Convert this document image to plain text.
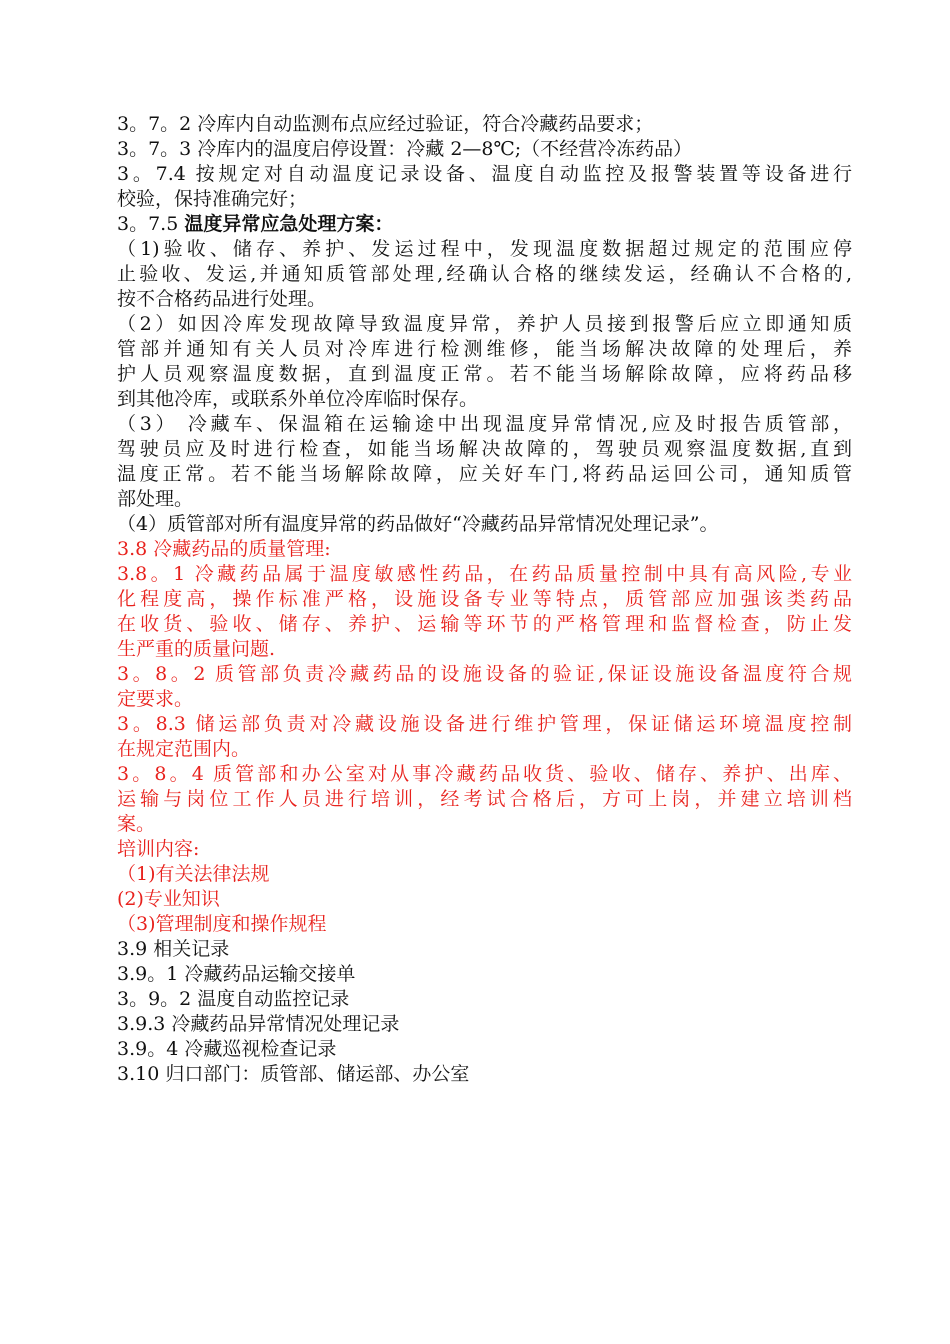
3。7。2 冷库内自动监测布点应经过验证，符合冷藏药品要求；
3。7。3 冷库内的温度启停设置：冷藏 2—8℃;（不经营冷冻药品）
3。7.4 按规定对自动温度记录设备、温度自动监控及报警装置等设备进行
校验，保持准确完好；
3。7.5 温度异常应急处理方案：
（1)验收、储存、养护、发运过程中，发现温度数据超过规定的范围应停
止验收、发运,并通知质管部处理,经确认合格的继续发运，经确认不合格的,
按不合格药品进行处理。
（2）如因冷库发现故障导致温度异常，养护人员接到报警后应立即通知质
管部并通知有关人员对冷库进行检测维修，能当场解决故障的处理后，养
护人员观察温度数据，直到温度正常。若不能当场解除故障，应将药品移
到其他冷库，或联系外单位冷库临时保存。
（3） 冷藏车、保温箱在运输途中出现温度异常情况,应及时报告质管部，
驾驶员应及时进行检查，如能当场解决故障的，驾驶员观察温度数据,直到
温度正常。若不能当场解除故障，应关好车门,将药品运回公司，通知质管
部处理。
（4）质管部对所有温度异常的药品做好“冷藏药品异常情况处理记录”。
3.8 冷藏药品的质量管理:
3.8。1 冷藏药品属于温度敏感性药品，在药品质量控制中具有高风险,专业
化程度高，操作标准严格，设施设备专业等特点，质管部应加强该类药品
在收货、验收、储存、养护、运输等环节的严格管理和监督检查，防止发
生严重的质量问题.
3。8。2 质管部负责冷藏药品的设施设备的验证,保证设施设备温度符合规
定要求。
3。8.3 储运部负责对冷藏设施设备进行维护管理，保证储运环境温度控制
在规定范围内。
3。8。4 质管部和办公室对从事冷藏药品收货、验收、储存、养护、出库、
运输与岗位工作人员进行培训，经考试合格后，方可上岗，并建立培训档
案。
培训内容:
（1)有关法律法规
(2)专业知识
（3)管理制度和操作规程
3.9 相关记录
3.9。1 冷藏药品运输交接单
3。9。2 温度自动监控记录
3.9.3 冷藏药品异常情况处理记录
3.9。4 冷藏巡视检查记录
3.10 归口部门：质管部、储运部、办公室
